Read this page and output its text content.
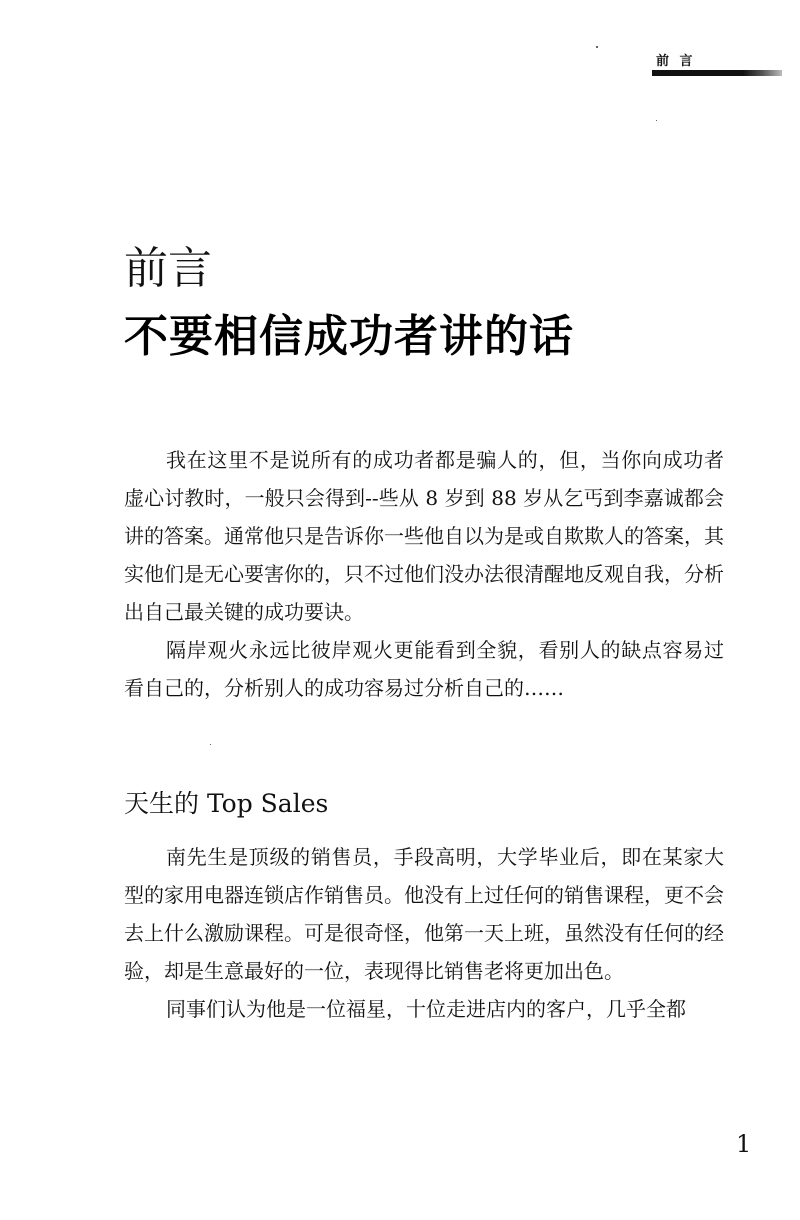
前 言
前言
不要相信成功者讲的话

我在这里不是说所有的成功者都是骗人的，但，当你向成功者虚心讨教时，一般只会得到--些从 8 岁到 88 岁从乞丐到李嘉诚都会讲的答案。通常他只是告诉你一些他自以为是或自欺欺人的答案，其实他们是无心要害你的，只不过他们没办法很清醒地反观自我，分析出自己最关键的成功要诀。

隔岸观火永远比彼岸观火更能看到全貌，看别人的缺点容易过看自己的，分析别人的成功容易过分析自己的……

天生的 Top Sales

南先生是顶级的销售员，手段高明，大学毕业后，即在某家大型的家用电器连锁店作销售员。他没有上过任何的销售课程，更不会去上什么激励课程。可是很奇怪，他第一天上班，虽然没有任何的经验，却是生意最好的一位，表现得比销售老将更加出色。

同事们认为他是一位福星，十位走进店内的客户，几乎全都

1
